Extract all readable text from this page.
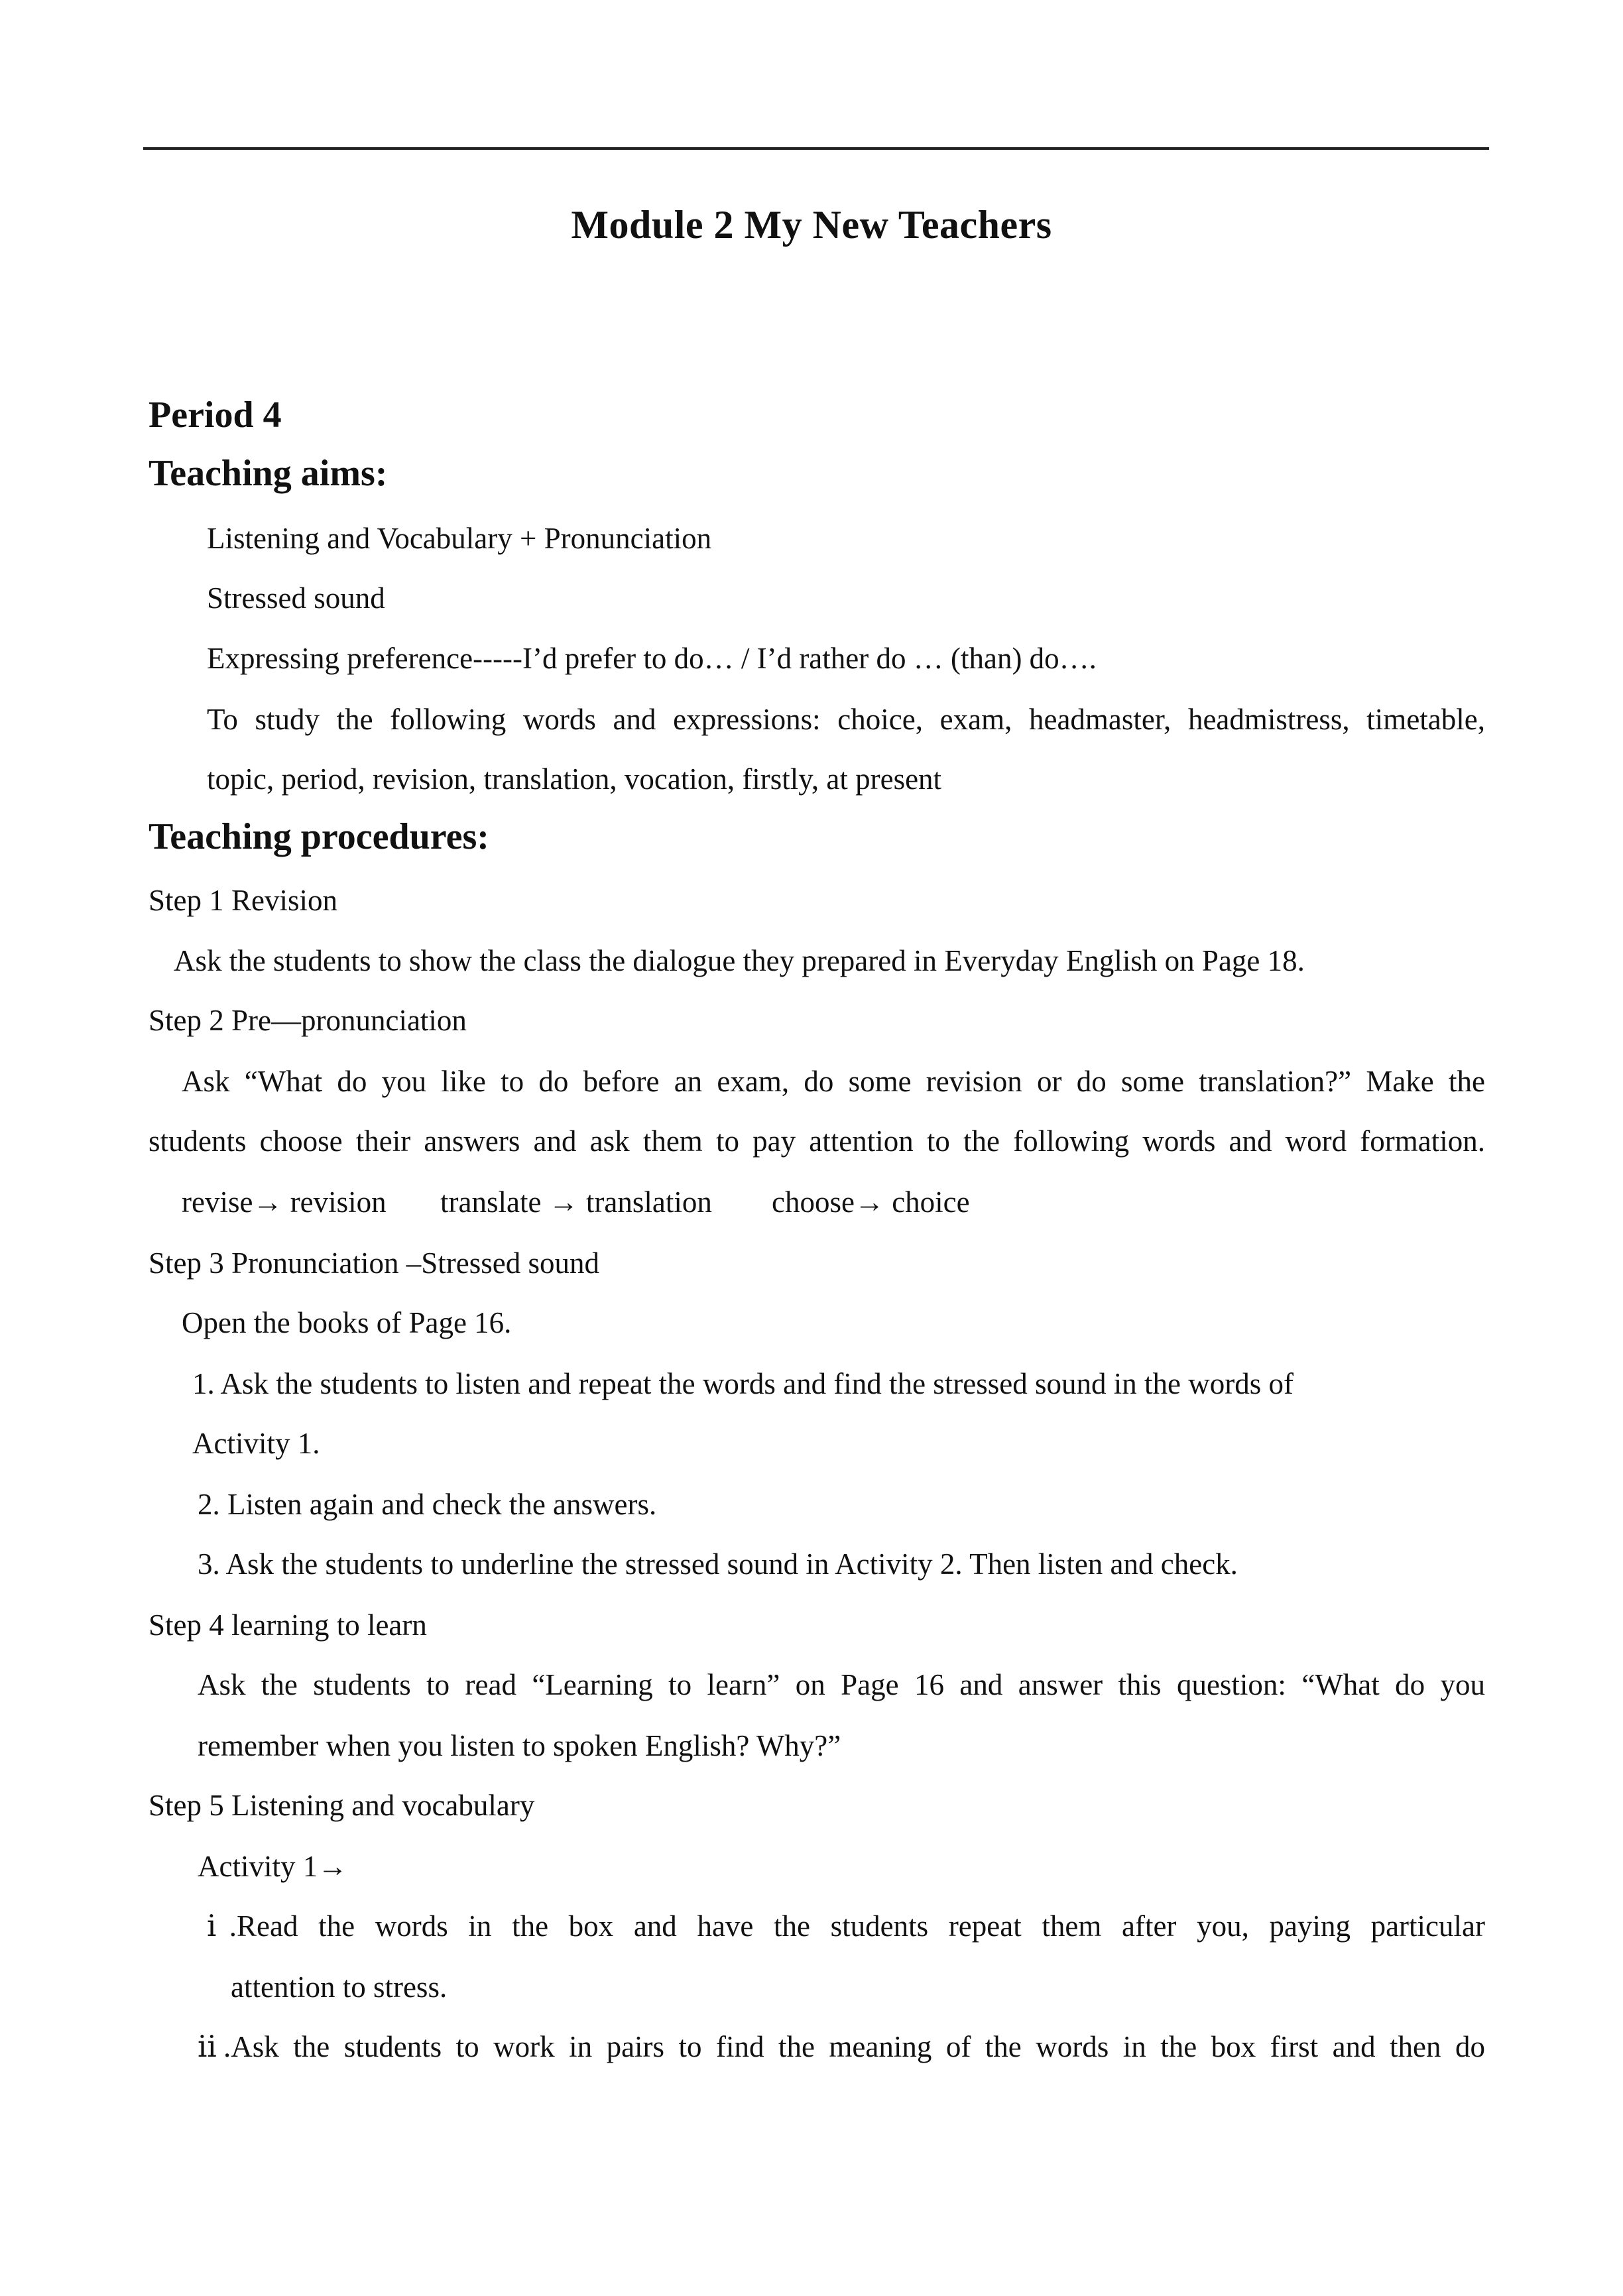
Module 2 My New Teachers
Period 4
Teaching aims:
Listening and Vocabulary + Pronunciation
Stressed sound
Expressing preference-----I’d prefer to do… / I’d rather do … (than) do….
To study the following words and expressions: choice, exam, headmaster, headmistress, timetable,
topic, period, revision, translation, vocation, firstly, at present
Teaching procedures:
Step 1 Revision
Ask the students to show the class the dialogue they prepared in Everyday English on Page 18.
Step 2 Pre—pronunciation
Ask “What do you like to do before an exam, do some revision or do some translation?” Make the
students choose their answers and ask them to pay attention to the following words and word formation.
revise→ revision translate → translation choose→ choice
Step 3 Pronunciation –Stressed sound
Open the books of Page 16.
1. Ask the students to listen and repeat the words and find the stressed sound in the words of
Activity 1.
2. Listen again and check the answers.
3. Ask the students to underline the stressed sound in Activity 2. Then listen and check.
Step 4 learning to learn
Ask the students to read “Learning to learn” on Page 16 and answer this question: “What do you
remember when you listen to spoken English? Why?”
Step 5 Listening and vocabulary
Activity 1→
ⅰ.Read the words in the box and have the students repeat them after you, paying particular
attention to stress.
ⅱ.Ask the students to work in pairs to find the meaning of the words in the box first and then do
